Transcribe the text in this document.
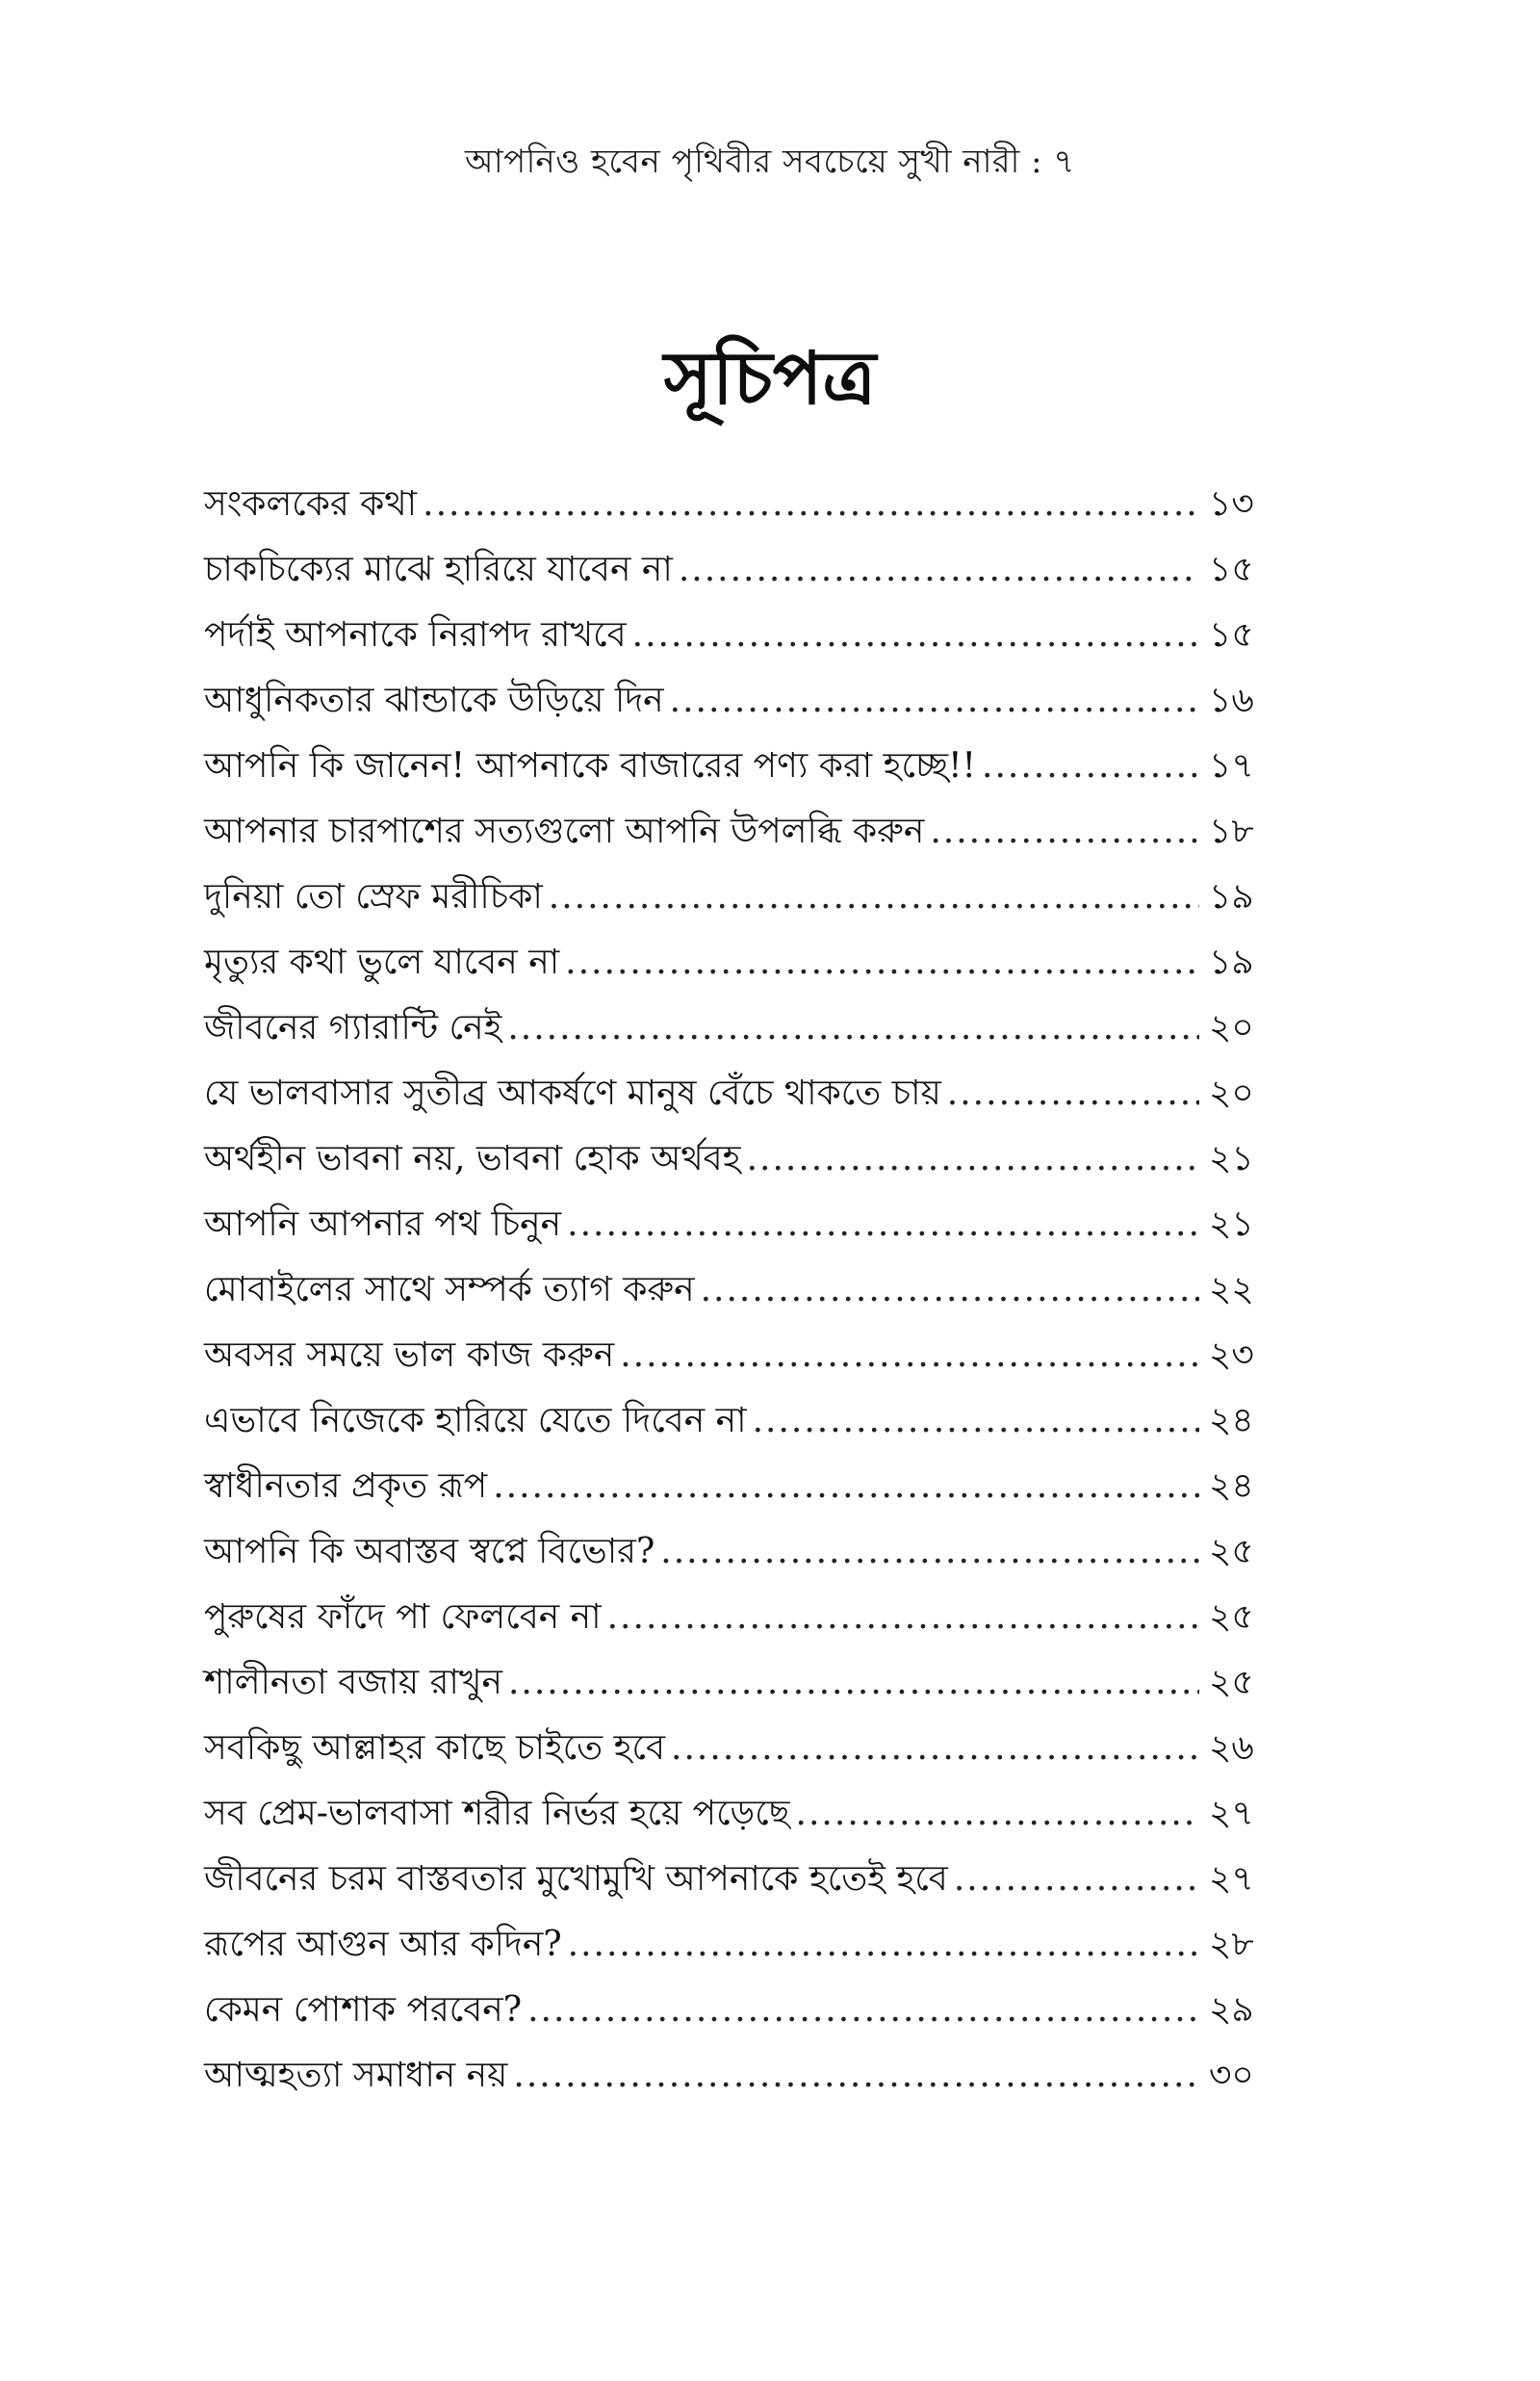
আপনিও হবেন পৃথিবীর সবচেয়ে সুখী নারী : ৭
সূচিপত্র
সংকলকের কথা .....	১৩
চাকচিক্যের মাঝে হারিয়ে যাবেন না .....	১৫
পর্দাই আপনাকে নিরাপদ রাখবে .....	১৫
আধুনিকতার ঝান্ডাকে উড়িয়ে দিন .....	১৬
আপনি কি জানেন! আপনাকে বাজারের পণ্য করা হচ্ছে!! .....	১৭
আপনার চারপাশের সত্যগুলো আপনি উপলব্ধি করুন .....	১৮
দুনিয়া তো স্রেফ মরীচিকা .....	১৯
মৃত্যুর কথা ভুলে যাবেন না .....	১৯
জীবনের গ্যারান্টি নেই .....	২০
যে ভালবাসার সুতীব্র আকর্ষণে মানুষ বেঁচে থাকতে চায় .....	২০
অর্থহীন ভাবনা নয়, ভাবনা হোক অর্থবহ .....	২১
আপনি আপনার পথ চিনুন .....	২১
মোবাইলের সাথে সম্পর্ক ত্যাগ করুন .....	২২
অবসর সময়ে ভাল কাজ করুন .....	২৩
এভাবে নিজেকে হারিয়ে যেতে দিবেন না .....	২৪
স্বাধীনতার প্রকৃত রূপ .....	২৪
আপনি কি অবাস্তব স্বপ্নে বিভোর? .....	২৫
পুরুষের ফাঁদে পা ফেলবেন না .....	২৫
শালীনতা বজায় রাখুন .....	২৫
সবকিছু আল্লাহর কাছে চাইতে হবে .....	২৬
সব প্রেম-ভালবাসা শরীর নির্ভর হয়ে পড়েছে .....	২৭
জীবনের চরম বাস্তবতার মুখোমুখি আপনাকে হতেই হবে .....	২৭
রূপের আগুন আর কদিন? .....	২৮
কেমন পোশাক পরবেন? .....	২৯
আত্মহত্যা সমাধান নয় .....	৩০
